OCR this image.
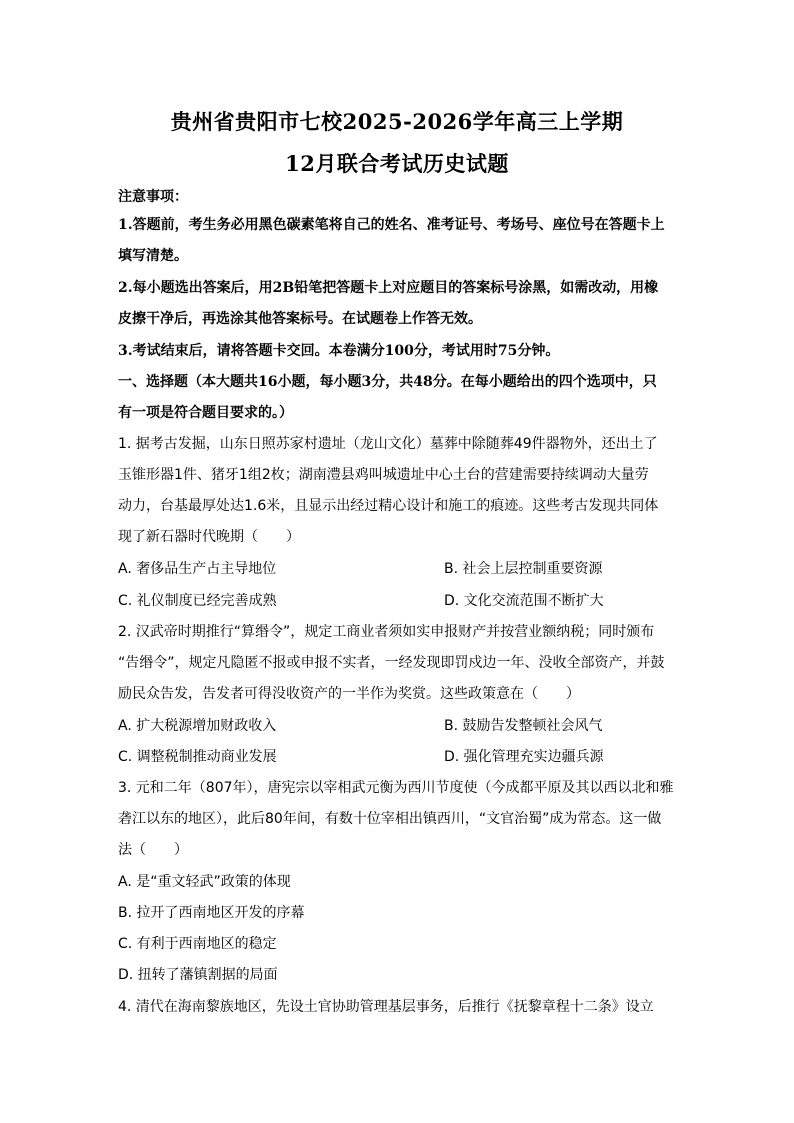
贵州省贵阳市七校2025-2026学年高三上学期
12月联合考试历史试题
注意事项：
1.答题前，考生务必用黑色碳素笔将自己的姓名、准考证号、考场号、座位号在答题卡上
填写清楚。
2.每小题选出答案后，用2B铅笔把答题卡上对应题目的答案标号涂黑，如需改动，用橡
皮擦干净后，再选涂其他答案标号。在试题卷上作答无效。
3.考试结束后，请将答题卡交回。本卷满分100分，考试用时75分钟。
一、选择题（本大题共16小题，每小题3分，共48分。在每小题给出的四个选项中，只
有一项是符合题目要求的。）
1. 据考古发掘，山东日照苏家村遗址（龙山文化）墓葬中除随葬49件器物外，还出土了
玉锥形器1件、猪牙1组2枚；湖南澧县鸡叫城遗址中心土台的营建需要持续调动大量劳
动力，台基最厚处达1.6米，且显示出经过精心设计和施工的痕迹。这些考古发现共同体
现了新石器时代晚期（　　）
A. 奢侈品生产占主导地位	B. 社会上层控制重要资源
C. 礼仪制度已经完善成熟	D. 文化交流范围不断扩大
2. 汉武帝时期推行“算缗令”，规定工商业者须如实申报财产并按营业额纳税；同时颁布
“告缗令”，规定凡隐匿不报或申报不实者，一经发现即罚戍边一年、没收全部资产，并鼓
励民众告发，告发者可得没收资产的一半作为奖赏。这些政策意在（　　）
A. 扩大税源增加财政收入	B. 鼓励告发整顿社会风气
C. 调整税制推动商业发展	D. 强化管理充实边疆兵源
3. 元和二年（807年），唐宪宗以宰相武元衡为西川节度使（今成都平原及其以西以北和雅
砻江以东的地区），此后80年间，有数十位宰相出镇西川，“文官治蜀”成为常态。这一做
法（　　）
A. 是“重文轻武”政策的体现
B. 拉开了西南地区开发的序幕
C. 有利于西南地区的稳定
D. 扭转了藩镇割据的局面
4. 清代在海南黎族地区，先设土官协助管理基层事务，后推行《抚黎章程十二条》设立
